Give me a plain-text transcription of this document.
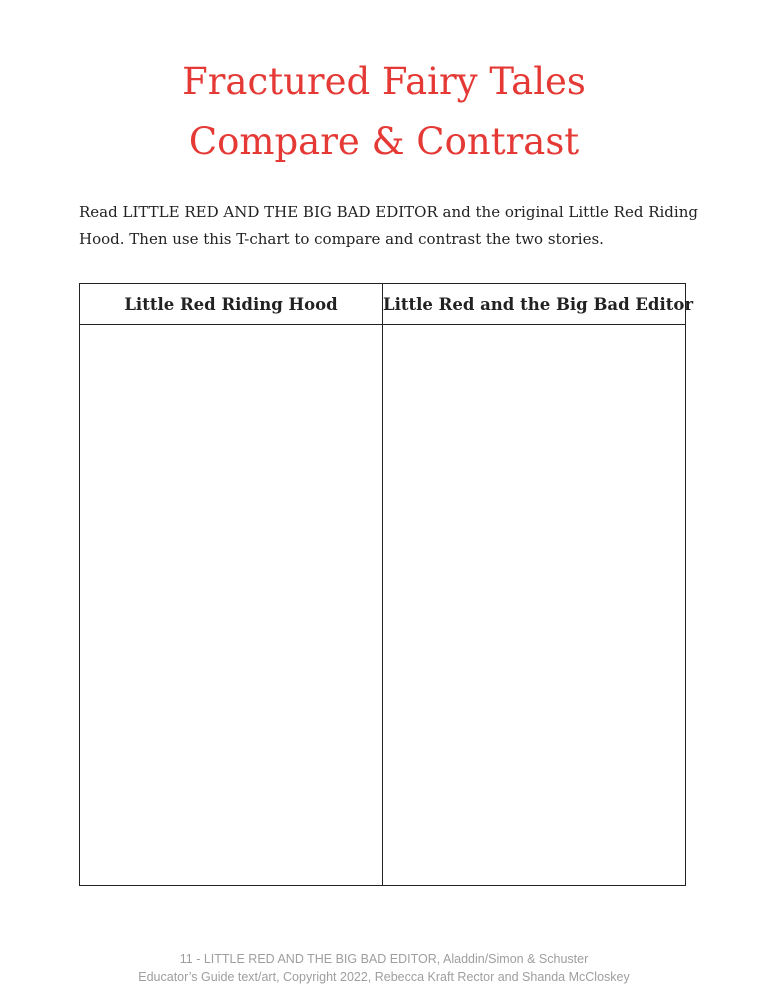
Fractured Fairy Tales
Compare & Contrast
Read LITTLE RED AND THE BIG BAD EDITOR and the original Little Red Riding
Hood. Then use this T-chart to compare and contrast the two stories.
Little Red Riding Hood	Little Red and the Big Bad Editor

11 - LITTLE RED AND THE BIG BAD EDITOR, Aladdin/Simon & Schuster
Educator’s Guide text/art, Copyright 2022, Rebecca Kraft Rector and Shanda McCloskey
